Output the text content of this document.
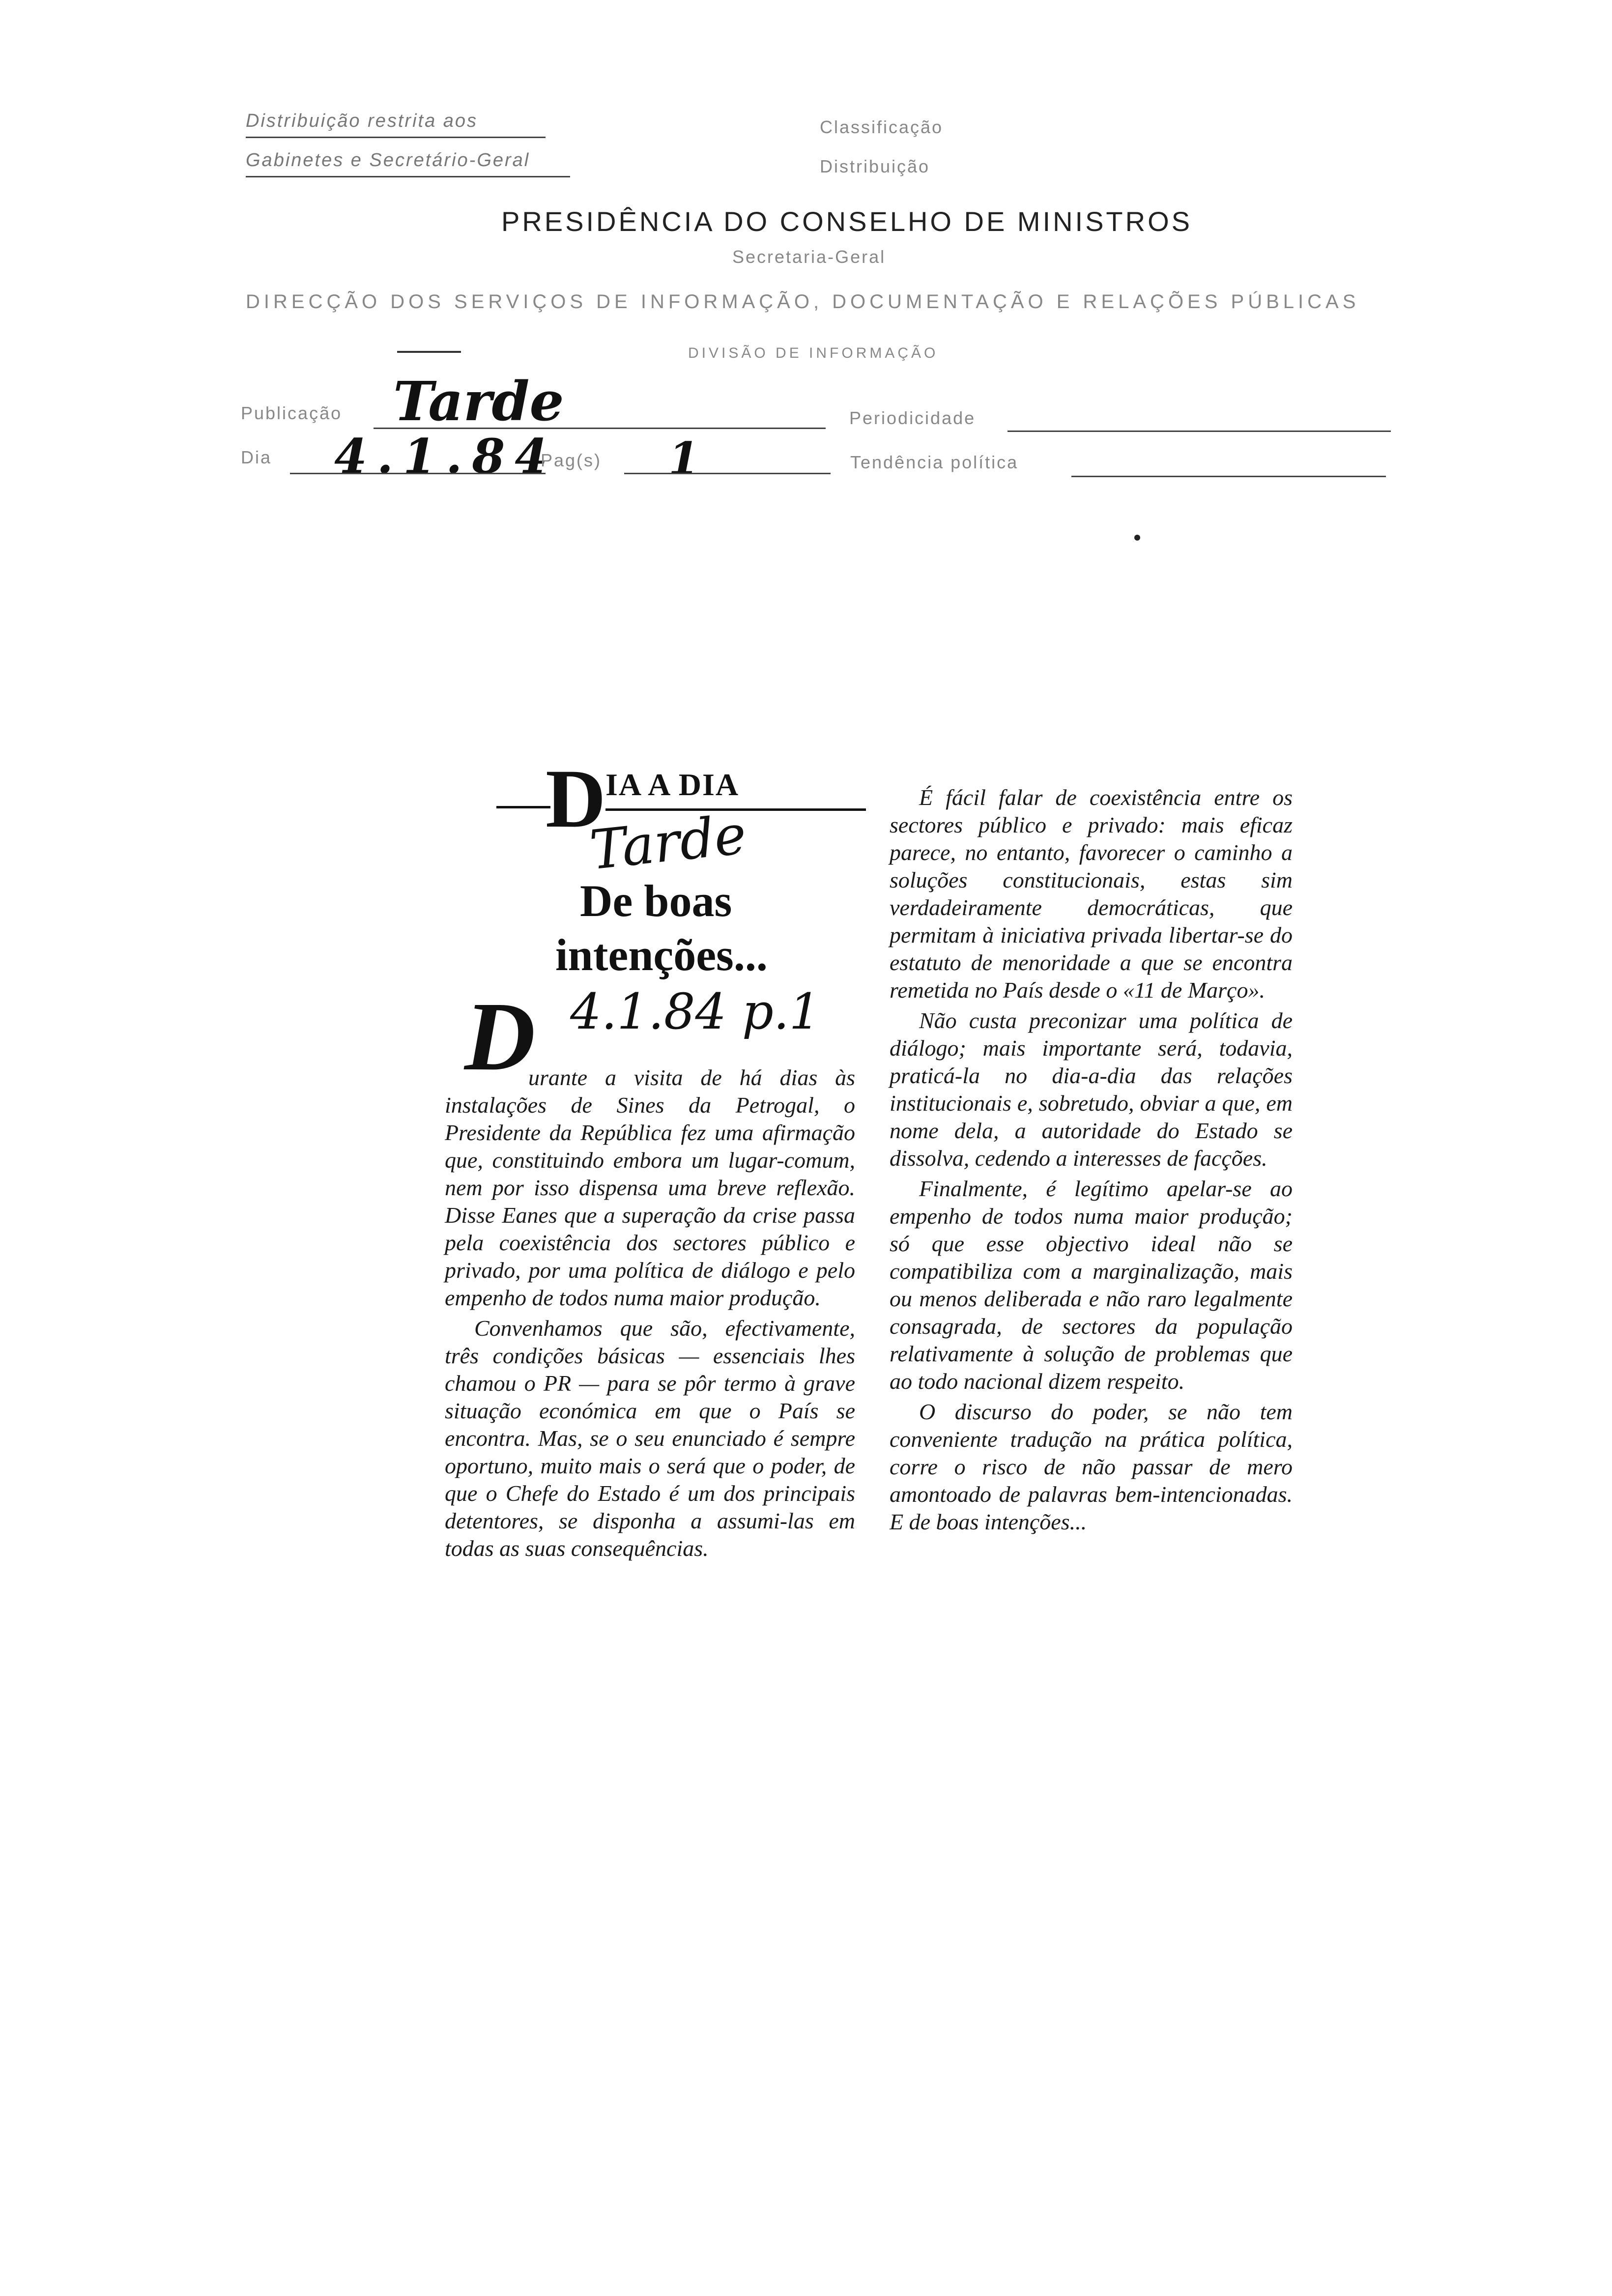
Distribuição restrita aos
Gabinetes e Secretário-Geral
Classificação
Distribuição
PRESIDÊNCIA DO CONSELHO DE MINISTROS
Secretaria-Geral
DIRECÇÃO DOS SERVIÇOS DE INFORMAÇÃO, DOCUMENTAÇÃO E RELAÇÕES PÚBLICAS
DIVISÃO DE INFORMAÇÃO
Publicação Tarde	Periodicidade
Dia 4.1.84
Pag(s) 1	Tendência política
D IA A DIA
Tarde
De boas
intenções...
4.1.84 p.1
D

urante a visita de há dias às instalações de Sines da Petrogal, o Presidente da República fez uma afirmação que, constituindo embora um lugar-comum, nem por isso dispensa uma breve reflexão. Disse Eanes que a superação da crise passa pela coexistência dos sectores público e privado, por uma política de diálogo e pelo empenho de todos numa maior produção.

Convenhamos que são, efectivamente, três condições básicas — essenciais lhes chamou o PR — para se pôr termo à grave situação económica em que o País se encontra. Mas, se o seu enunciado é sempre oportuno, muito mais o será que o poder, de que o Chefe do Estado é um dos principais detentores, se disponha a assumi-las em todas as suas consequências.

É fácil falar de coexistência entre os sectores público e privado: mais eficaz parece, no entanto, favorecer o caminho a soluções constitucionais, estas sim verdadeiramente democráticas, que permitam à iniciativa privada libertar-se do estatuto de menoridade a que se encontra remetida no País desde o «11 de Março».

Não custa preconizar uma política de diálogo; mais importante será, todavia, praticá-la no dia-a-dia das relações institucionais e, sobretudo, obviar a que, em nome dela, a autoridade do Estado se dissolva, cedendo a interesses de facções.

Finalmente, é legítimo apelar-se ao empenho de todos numa maior produção; só que esse objectivo ideal não se compatibiliza com a marginalização, mais ou menos deliberada e não raro legalmente consagrada, de sectores da população relativamente à solução de problemas que ao todo nacional dizem respeito.

O discurso do poder, se não tem conveniente tradução na prática política, corre o risco de não passar de mero amontoado de palavras bem-intencionadas. E de boas intenções...
